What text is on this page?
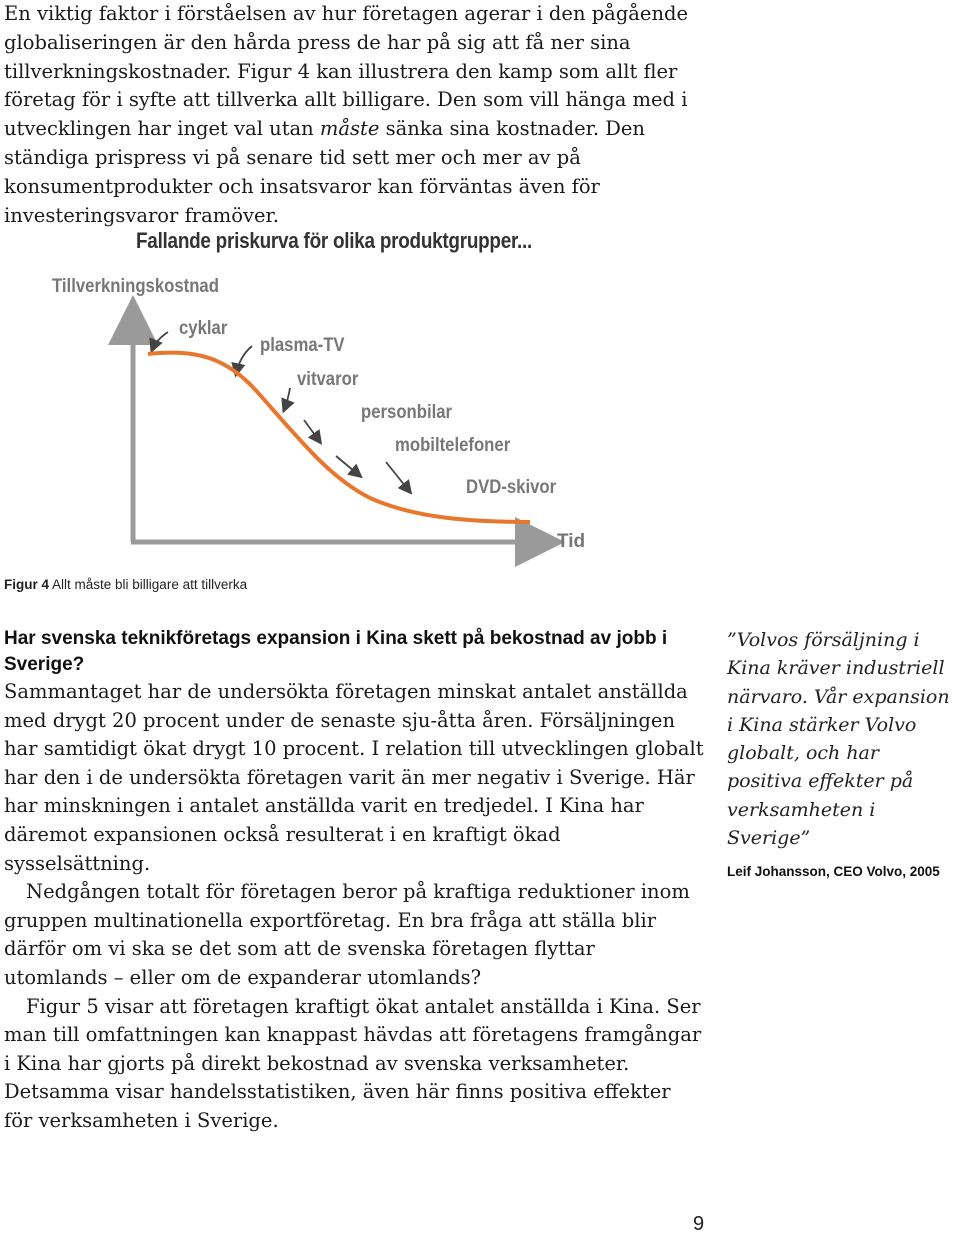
En viktig faktor i förståelsen av hur företagen agerar i den pågående globaliseringen är den hårda press de har på sig att få ner sina tillverkningskostnader. Figur 4 kan illustrera den kamp som allt fler företag för i syfte att tillverka allt billigare. Den som vill hänga med i utvecklingen har inget val utan måste sänka sina kostnader. Den ständiga prispress vi på senare tid sett mer och mer av på konsumentprodukter och insatsvaror kan förväntas även för investeringsvaror framöver.

Fallande priskurva för olika produktgrupper...
Tillverkningskostnad
cyklar
plasma-TV
vitvaror
personbilar
mobiltelefoner
DVD-skivor
Tid
Figur 4 Allt måste bli billigare att tillverka
Har svenska teknikföretags expansion i Kina skett på bekostnad av jobb i Sverige?

Sammantaget har de undersökta företagen minskat antalet anställda med drygt 20 procent under de senaste sju-åtta åren. Försäljningen har samtidigt ökat drygt 10 procent. I relation till utvecklingen globalt har den i de undersökta företagen varit än mer negativ i Sverige. Här har minskningen i antalet anställda varit en tredjedel. I Kina har däremot expansionen också resulterat i en kraftigt ökad sysselsättning.

Nedgången totalt för företagen beror på kraftiga reduktioner inom gruppen multinationella exportföretag. En bra fråga att ställa blir därför om vi ska se det som att de svenska företagen flyttar utomlands – eller om de expanderar utomlands?

Figur 5 visar att företagen kraftigt ökat antalet anställda i Kina. Ser man till omfattningen kan knappast hävdas att företagens framgångar i Kina har gjorts på direkt bekostnad av svenska verksamheter. Detsamma visar handelsstatistiken, även här finns positiva effekter för verksamheten i Sverige.

”Volvos försäljning i Kina kräver industriell närvaro. Vår expansion i Kina stärker Volvo globalt, och har positiva effekter på verksamheten i Sverige”

Leif Johansson, CEO Volvo, 2005
9
